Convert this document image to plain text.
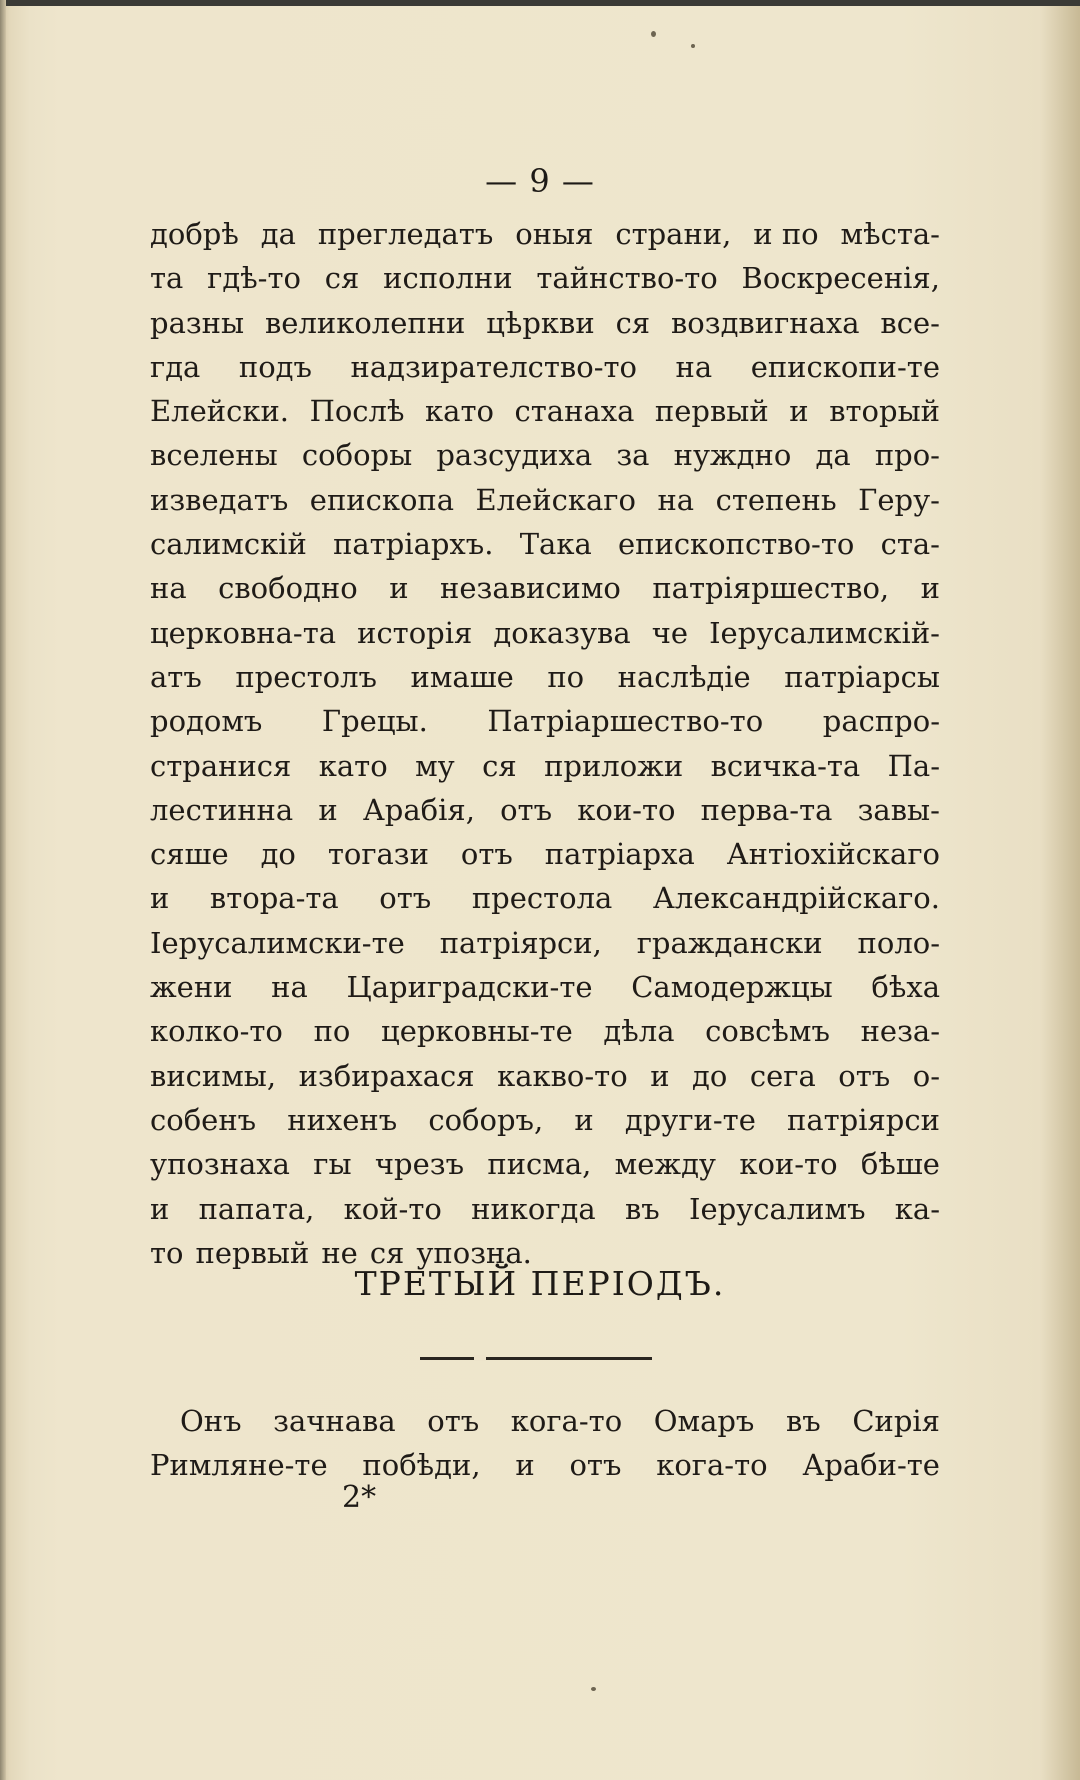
— 9 —
добрѣ да прегледатъ оныя страни, и по мѣста-
та гдѣ-то ся исполни тайнство-то Воскресенія,
разны великолепни цѣркви ся воздвигнаха все-
гда подъ надзирателство-то на епископи-те
Елейски. Послѣ като станаха первый и вторый
вселены соборы разсудиха за нуждно да про-
изведатъ епископа Елейскаго на степень Геру-
салимскій патріархъ. Така епископство-то ста-
на свободно и независимо патріяршество, и
церковна-та исторія доказува че Іерусалимскій-
атъ престолъ имаше по наслѣдіе патріарсы
родомъ Грецы. Патріаршество-то распро-
странися като му ся приложи всичка-та Па-
лестинна и Арабія, отъ кои-то перва-та завы-
сяше до тогази отъ патріарха Антіохійскаго
и втора-та отъ престола Александрійскаго.
Іерусалимски-те патріярси, граждански поло-
жени на Цариградски-те Самодержцы бѣха
колко-то по церковны-те дѣла совсѣмъ неза-
висимы, избирахася какво-то и до сега отъ о-
собенъ нихенъ соборъ, и други-те патріярси
упознаха гы чрезъ писма, между кои-то бѣше
и папата, кой-то никогда въ Іерусалимъ ка-
то первый не ся упозна.
ТРЕТЫЙ ПЕРІОДЪ.
Онъ зачнава отъ кога-то Омаръ въ Сирія
Римляне-те побѣди, и отъ кога-то Араби-те
2*
